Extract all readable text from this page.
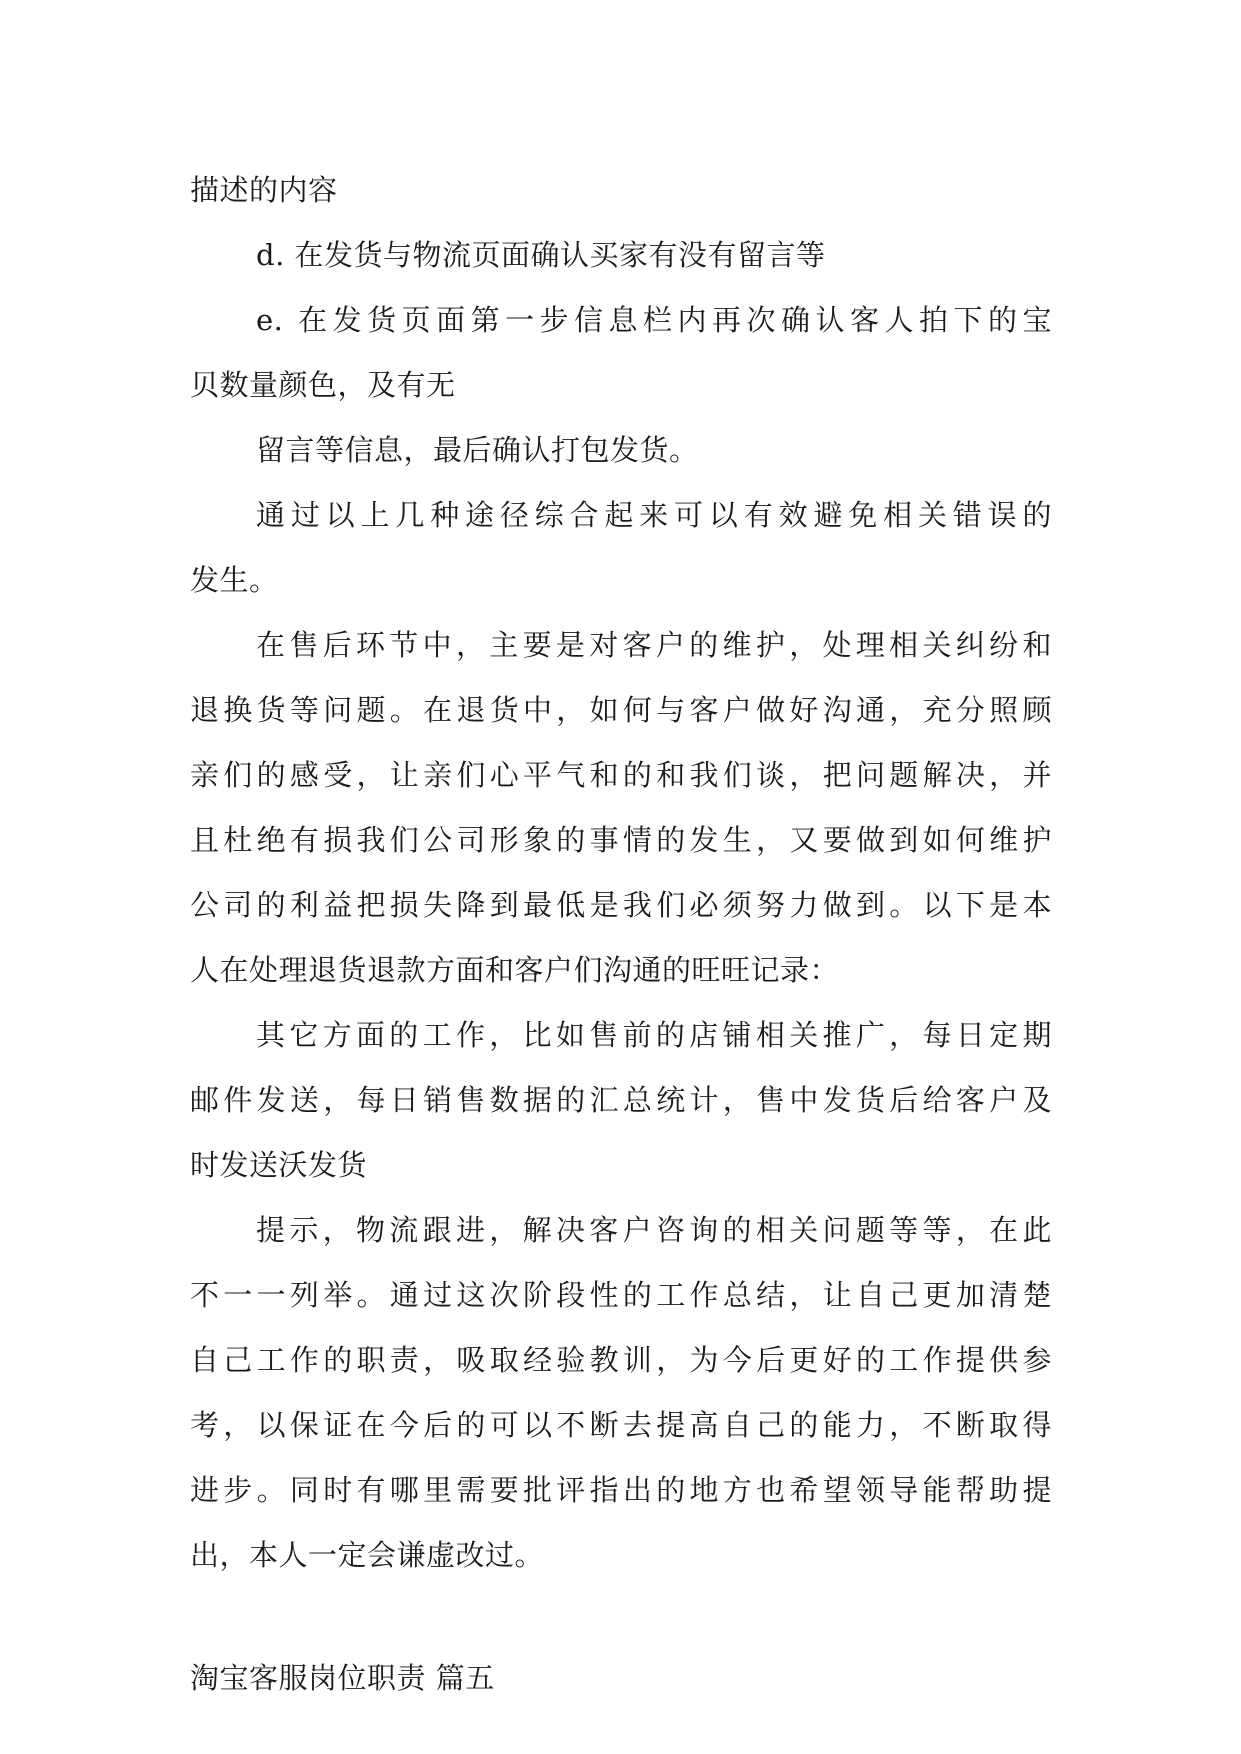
描述的内容
d. 在发货与物流页面确认买家有没有留言等
e. 在发货页面第一步信息栏内再次确认客人拍下的宝
贝数量颜色，及有无
留言等信息，最后确认打包发货。
通过以上几种途径综合起来可以有效避免相关错误的
发生。
在售后环节中，主要是对客户的维护，处理相关纠纷和
退换货等问题。在退货中，如何与客户做好沟通，充分照顾
亲们的感受，让亲们心平气和的和我们谈，把问题解决，并
且杜绝有损我们公司形象的事情的发生，又要做到如何维护
公司的利益把损失降到最低是我们必须努力做到。以下是本
人在处理退货退款方面和客户们沟通的旺旺记录：
其它方面的工作，比如售前的店铺相关推广，每日定期
邮件发送，每日销售数据的汇总统计，售中发货后给客户及
时发送沃发货
提示，物流跟进，解决客户咨询的相关问题等等，在此
不一一列举。通过这次阶段性的工作总结，让自己更加清楚
自己工作的职责，吸取经验教训，为今后更好的工作提供参
考，以保证在今后的可以不断去提高自己的能力，不断取得
进步。同时有哪里需要批评指出的地方也希望领导能帮助提
出，本人一定会谦虚改过。
淘宝客服岗位职责 篇五
